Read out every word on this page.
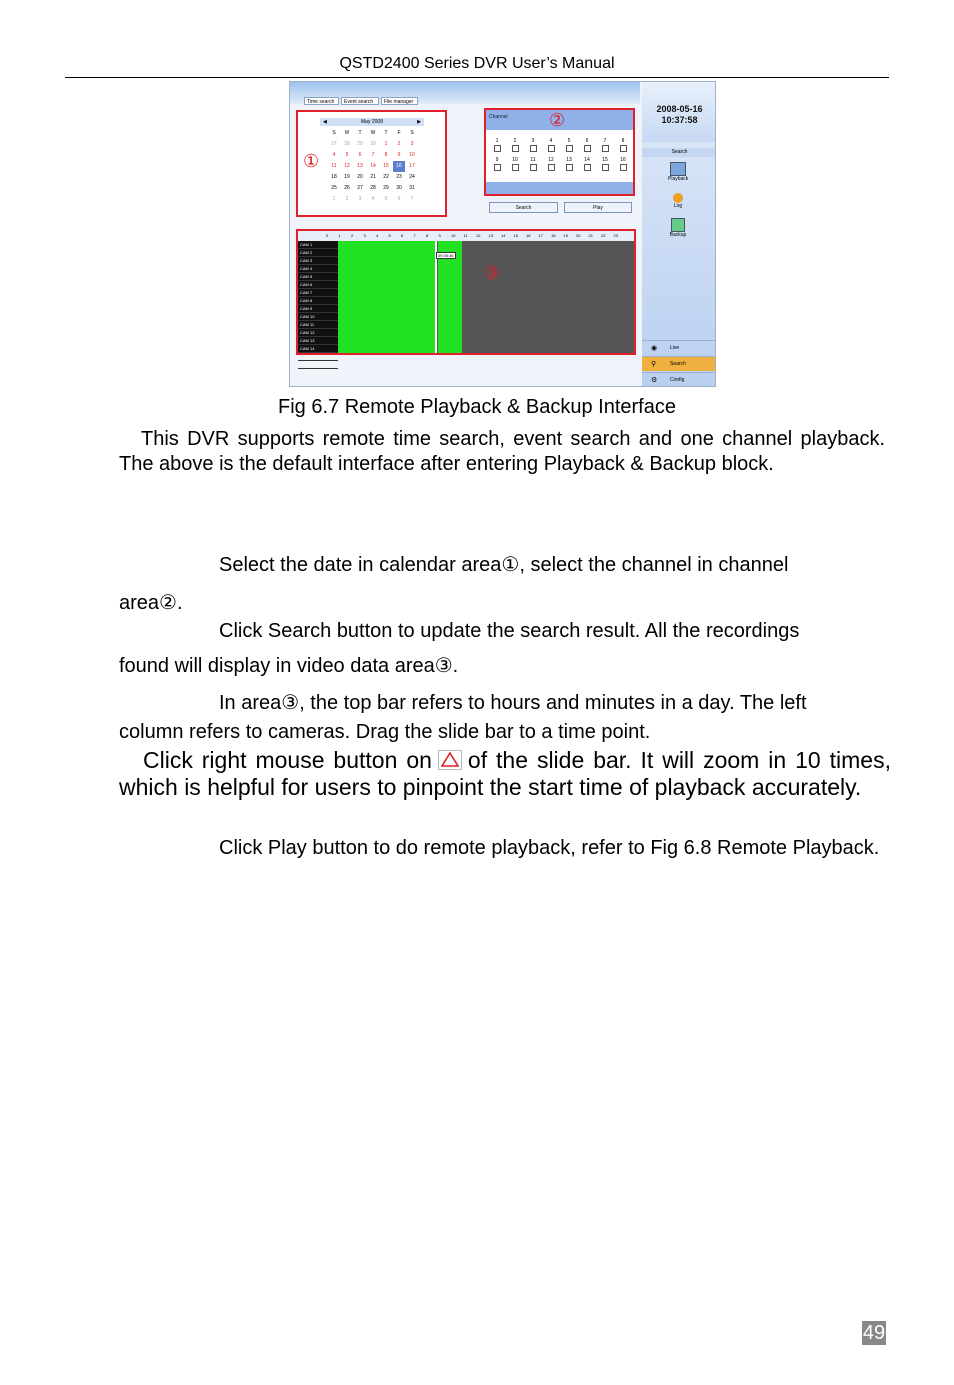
QSTD2400 Series DVR User’s Manual
Time search	Event search	File manager
◀	May 2008	▶
S	M	T	W	T	F	S
27	28	29	30	1	2	3
4	5	6	7	8	9	10
11	12	13	14	15	16	17
18	19	20	21	22	23	24
25	26	27	28	29	30	31
1	2	3	4	5	6	7
①
Channel	②
1	2	3	4	5	6	7	8
9	10	11	12	13	14	15	16
Search	Play
0	1	2	3	4	5	6	7	8	9	10 11 12 13 14 15 16 17 18 19 20 21 22 23
CAM 1
CAM 2
CAM 3
CAM 4
CAM 5
CAM 6
CAM 7
CAM 8
CAM 9
CAM 10
CAM 11
CAM 12
CAM 13
CAM 14
CAM 15
CAM 16
09:35:36
③
2008-05-16
10:37:58
Search
Playback
Log
Backup
Live
Search
Config
◉
⚲
⚙
Fig 6.7 Remote Playback & Backup Interface
This DVR supports remote time search, event search and one channel playback. The above is the default interface after entering Playback & Backup block.
Select the date in calendar area①, select the channel in channel
area②.
Click Search button to update the search result. All the recordings
found will display in video data area③.
In area③, the top bar refers to hours and minutes in a day. The left
column refers to cameras. Drag the slide bar to a time point.
Click right mouse button on of the slide bar. It will zoom in 10 times, which is helpful for users to pinpoint the start time of playback accurately.
Click Play button to do remote playback, refer to Fig 6.8 Remote Playback.
49
